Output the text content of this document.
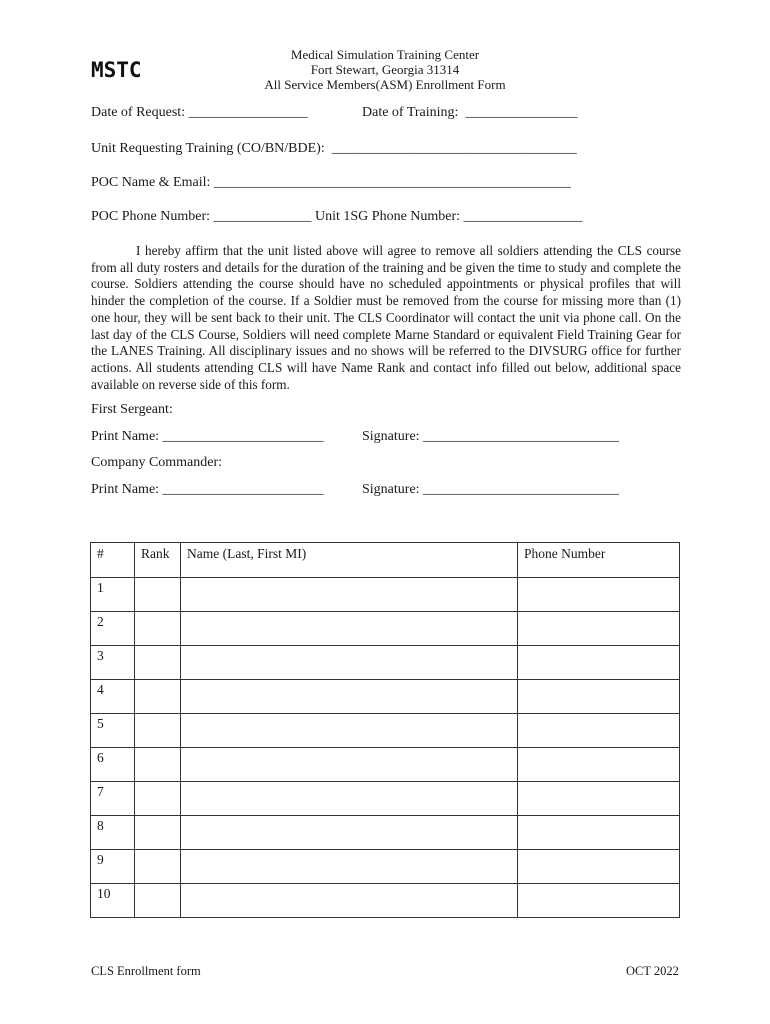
MSTC
Medical Simulation Training Center
Fort Stewart, Georgia 31314
All Service Members(ASM) Enrollment Form
Date of Request: _________________	Date of Training:  ________________
Unit Requesting Training (CO/BN/BDE):  ___________________________________
POC Name & Email: ___________________________________________________
POC Phone Number: ______________ Unit 1SG Phone Number: _________________
I hereby affirm that the unit listed above will agree to remove all soldiers attending the CLS course from all duty rosters and details for the duration of the training and be given the time to study and complete the course. Soldiers attending the course should have no scheduled appointments or physical profiles that will hinder the completion of the course. If a Soldier must be removed from the course for missing more than (1) one hour, they will be sent back to their unit. The CLS Coordinator will contact the unit via phone call. On the last day of the CLS Course, Soldiers will need complete Marne Standard or equivalent Field Training Gear for the LANES Training. All disciplinary issues and no shows will be referred to the DIVSURG office for further actions. All students attending CLS will have Name Rank and contact info filled out below, additional space available on reverse side of this form.
First Sergeant:
Print Name: _______________________	Signature: ____________________________
Company Commander:
Print Name: _______________________	Signature: ____________________________
#	Rank	Name (Last, First MI)	Phone Number
1			
2			
3			
4			
5			
6			
7			
8			
9			
10			
CLS Enrollment form	OCT 2022
